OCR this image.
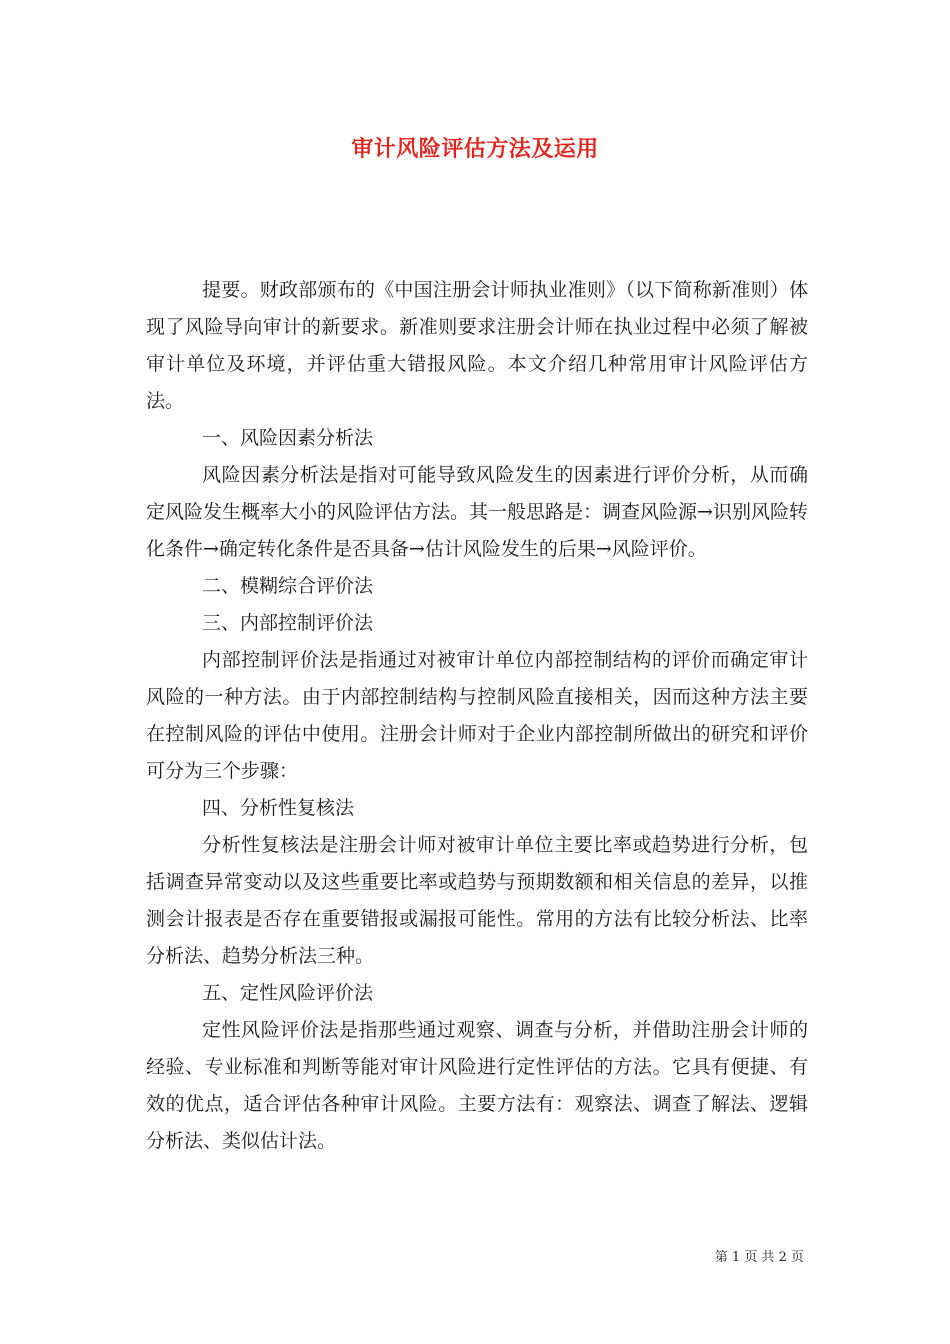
审计风险评估方法及运用

提要。财政部颁布的《中国注册会计师执业准则》（以下简称新准则）体现了风险导向审计的新要求。新准则要求注册会计师在执业过程中必须了解被审计单位及环境，并评估重大错报风险。本文介绍几种常用审计风险评估方法。

一、风险因素分析法

风险因素分析法是指对可能导致风险发生的因素进行评价分析，从而确定风险发生概率大小的风险评估方法。其一般思路是：调查风险源→识别风险转化条件→确定转化条件是否具备→估计风险发生的后果→风险评价。

二、模糊综合评价法

三、内部控制评价法

内部控制评价法是指通过对被审计单位内部控制结构的评价而确定审计风险的一种方法。由于内部控制结构与控制风险直接相关，因而这种方法主要在控制风险的评估中使用。注册会计师对于企业内部控制所做出的研究和评价可分为三个步骤：

四、分析性复核法

分析性复核法是注册会计师对被审计单位主要比率或趋势进行分析，包括调查异常变动以及这些重要比率或趋势与预期数额和相关信息的差异，以推测会计报表是否存在重要错报或漏报可能性。常用的方法有比较分析法、比率分析法、趋势分析法三种。

五、定性风险评价法

定性风险评价法是指那些通过观察、调查与分析，并借助注册会计师的经验、专业标准和判断等能对审计风险进行定性评估的方法。它具有便捷、有效的优点，适合评估各种审计风险。主要方法有：观察法、调查了解法、逻辑分析法、类似估计法。

第 1 页 共 2 页
